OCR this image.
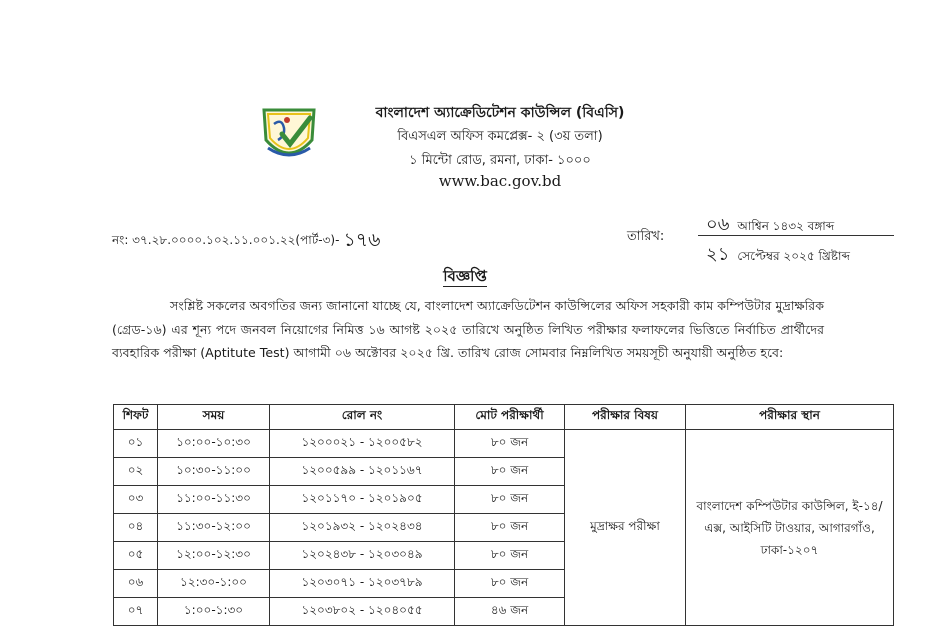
বাংলাদেশ অ্যাক্রেডিটেশন কাউন্সিল (বিএসি)
বিএসএল অফিস কমপ্লেক্স- ২ (৩য় তলা)
১ মিন্টো রোড, রমনা, ঢাকা- ১০০০
www.bac.gov.bd
নং: ৩৭.২৮.০০০০.১০২.১১.০০১.২২(পার্ট-৩)- ১৭৬	তারিখ:
০৬ আশ্বিন ১৪৩২ বঙ্গাব্দ
২১ সেপ্টেম্বর ২০২৫ খ্রিষ্টাব্দ
বিজ্ঞপ্তি

সংশ্লিষ্ট সকলের অবগতির জন্য জানানো যাচ্ছে যে, বাংলাদেশ অ্যাক্রেডিটেশন কাউন্সিলের অফিস সহকারী কাম কম্পিউটার মুদ্রাক্ষরিক (গ্রেড-১৬) এর শূন্য পদে জনবল নিয়োগের নিমিত্ত ১৬ আগষ্ট ২০২৫ তারিখে অনুষ্ঠিত লিখিত পরীক্ষার ফলাফলের ভিত্তিতে নির্বাচিত প্রার্থীদের ব্যবহারিক পরীক্ষা (Aptitute Test) আগামী ০৬ অক্টোবর ২০২৫ খ্রি. তারিখ রোজ সোমবার নিম্নলিখিত সময়সূচী অনুযায়ী অনুষ্ঠিত হবে:

শিফট	সময়	রোল নং	মোট পরীক্ষার্থী	পরীক্ষার বিষয়	পরীক্ষার স্থান
০১	১০:০০-১০:৩০	১২০০০২১ - ১২০০৫৮২	৮০ জন	মুদ্রাক্ষর পরীক্ষা	বাংলাদেশ কম্পিউটার কাউন্সিল, ই-১৪/এক্স, আইসিটি টাওয়ার, আগারগাঁও, ঢাকা-১২০৭
০২	১০:৩০-১১:০০	১২০০৫৯৯ - ১২০১১৬৭	৮০ জন		
০৩	১১:০০-১১:৩০	১২০১১৭০ - ১২০১৯০৫	৮০ জন		
০৪	১১:৩০-১২:০০	১২০১৯৩২ - ১২০২৪৩৪	৮০ জন		
০৫	১২:০০-১২:৩০	১২০২৪৩৮ - ১২০৩০৪৯	৮০ জন		
০৬	১২:৩০-১:০০	১২০৩০৭১ - ১২০৩৭৮৯	৮০ জন		
০৭	১:০০-১:৩০	১২০৩৮০২ - ১২০৪০৫৫	৪৬ জন		
